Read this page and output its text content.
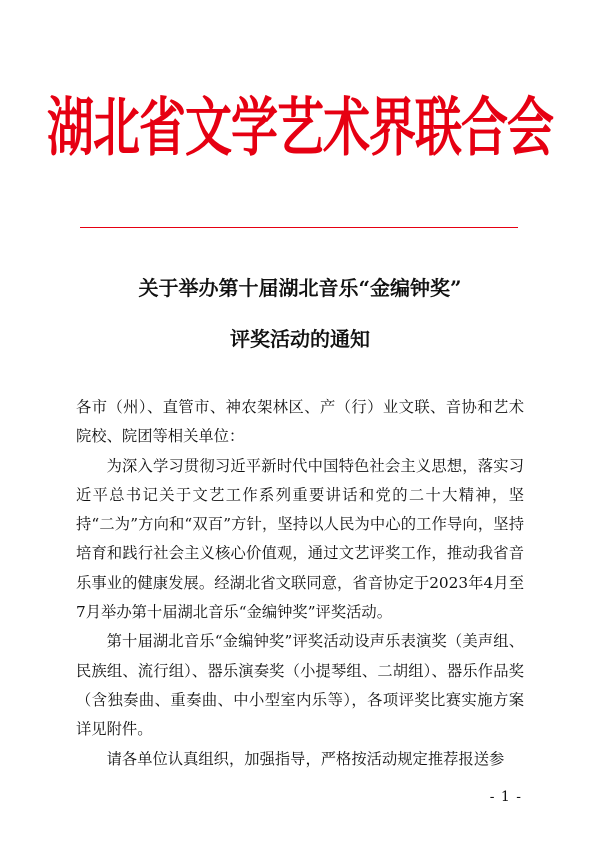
湖北省文学艺术界联合会
关于举办第十届湖北音乐“金编钟奖”
评奖活动的通知

各市（州）、直管市、神农架林区、产（行）业文联、音协和艺术院校、院团等相关单位：

为深入学习贯彻习近平新时代中国特色社会主义思想，落实习近平总书记关于文艺工作系列重要讲话和党的二十大精神，坚持“二为”方向和“双百”方针，坚持以人民为中心的工作导向，坚持培育和践行社会主义核心价值观，通过文艺评奖工作，推动我省音乐事业的健康发展。经湖北省文联同意，省音协定于2023年4月至7月举办第十届湖北音乐“金编钟奖”评奖活动。

第十届湖北音乐“金编钟奖”评奖活动设声乐表演奖（美声组、民族组、流行组）、器乐演奏奖（小提琴组、二胡组）、器乐作品奖（含独奏曲、重奏曲、中小型室内乐等），各项评奖比赛实施方案详见附件。

请各单位认真组织，加强指导，严格按活动规定推荐报送参

- 1 -
